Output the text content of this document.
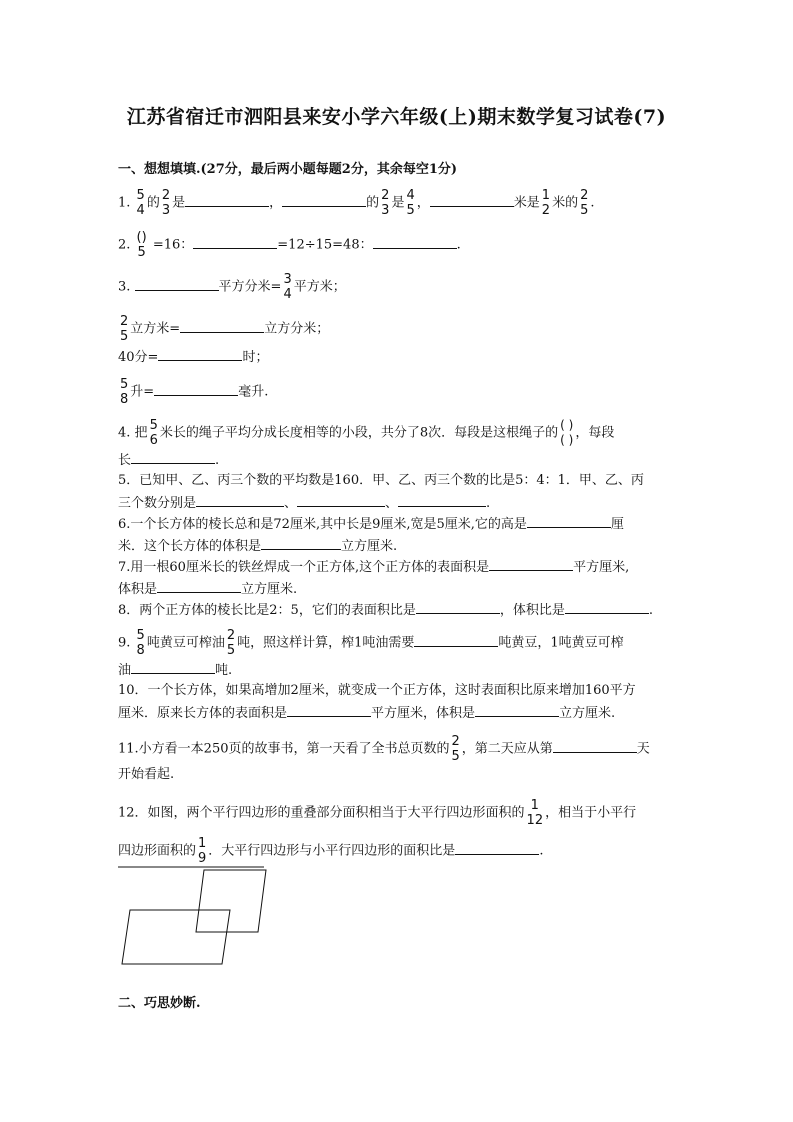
江苏省宿迁市泗阳县来安小学六年级(上)期末数学复习试卷(7)
一、想想填填.(27分，最后两小题每题2分，其余每空1分)
1. 5
4 的 2
3 是	，	的 2
3 是 4
5 ，	米是 1
2 米的 2
5 .
2. ()
5 =16：	=12÷15=48：	.
3.	平方分米= 3
4 平方米；
2
5 立方米=	立方分米；
40分=	时；
5
8 升=	毫升.
4. 把 5
6 米长的绳子平均分成长度相等的小段，共分了8次．每段是这根绳子的
( )
( ) ，每段
长	.
5．已知甲、乙、丙三个数的平均数是160．甲、乙、丙三个数的比是5：4：1．甲、乙、丙
三个数分别是	、	、	.
6.一个长方体的棱长总和是72厘米,其中长是9厘米,宽是5厘米,它的高是	厘
米．这个长方体的体积是	立方厘米.
7.用一根60厘米长的铁丝焊成一个正方体,这个正方体的表面积是	平方厘米,
体积是	立方厘米.
8．两个正方体的棱长比是2：5，它们的表面积比是	，体积比是	.
9. 5
8 吨黄豆可榨油 2
5 吨，照这样计算，榨1吨油需要	吨黄豆，1吨黄豆可榨
油	吨.
10．一个长方体，如果高增加2厘米，就变成一个正方体，这时表面积比原来增加160平方
厘米．原来长方体的表面积是	平方厘米，体积是	立方厘米.
11.小方看一本250页的故事书，第一天看了全书总页数的 2
5 ，第二天应从第	天
开始看起.
12．如图，两个平行四边形的重叠部分面积相当于大平行四边形面积的 1
12 ，相当于小平行
四边形面积的 1
9 ．大平行四边形与小平行四边形的面积比是	.
二、巧思妙断.
